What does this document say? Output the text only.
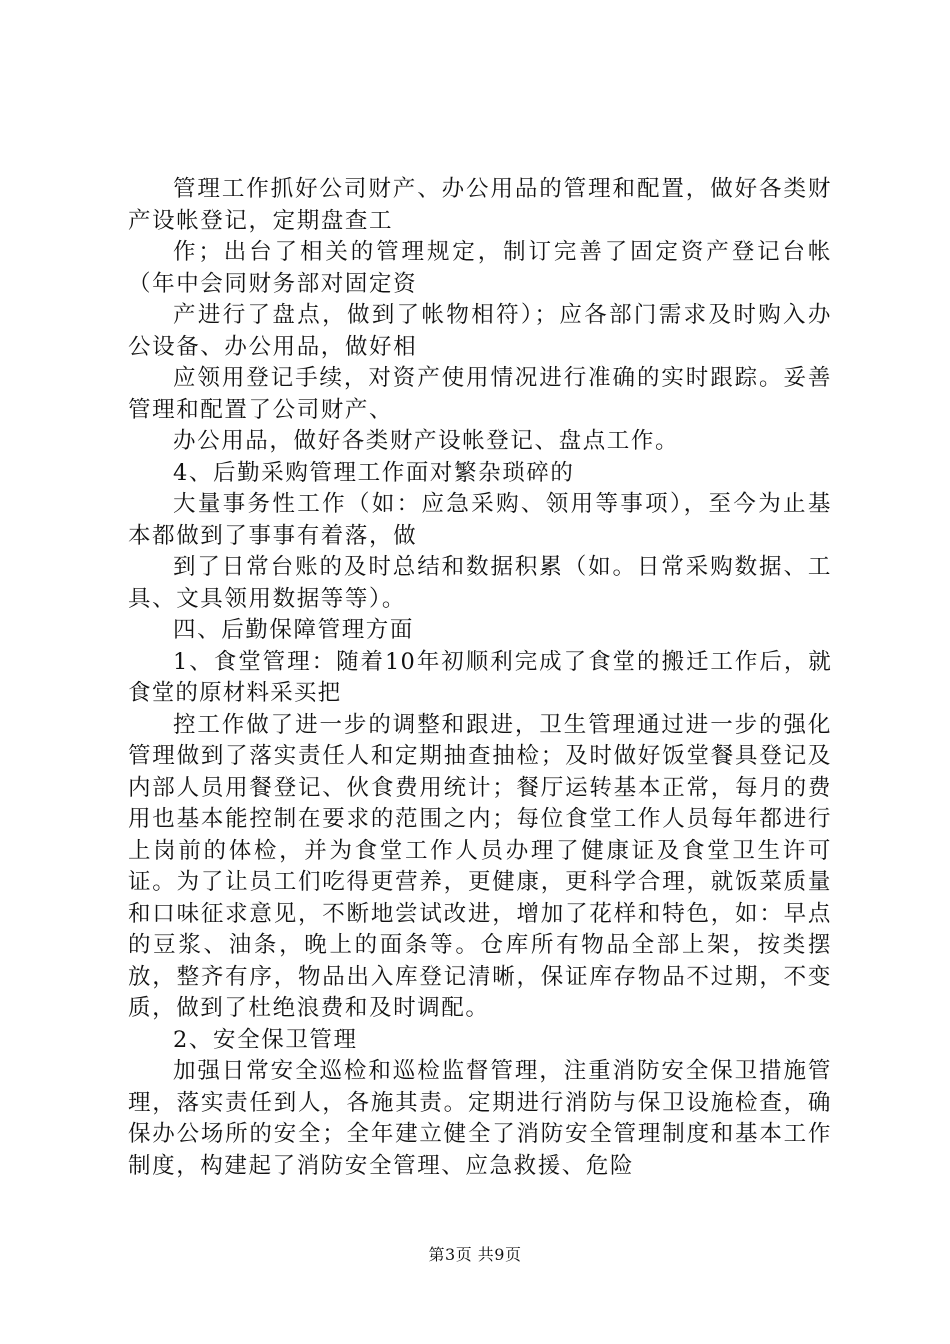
管理工作抓好公司财产、办公用品的管理和配置，做好各类财产设帐登记，定期盘查工

作；出台了相关的管理规定，制订完善了固定资产登记台帐（年中会同财务部对固定资

产进行了盘点，做到了帐物相符）；应各部门需求及时购入办公设备、办公用品，做好相

应领用登记手续，对资产使用情况进行准确的实时跟踪。妥善管理和配置了公司财产、

办公用品，做好各类财产设帐登记、盘点工作。

4、后勤采购管理工作面对繁杂琐碎的

大量事务性工作（如：应急采购、领用等事项），至今为止基本都做到了事事有着落，做

到了日常台账的及时总结和数据积累（如。日常采购数据、工具、文具领用数据等等）。

四、后勤保障管理方面

1、食堂管理：随着10年初顺利完成了食堂的搬迁工作后，就食堂的原材料采买把

控工作做了进一步的调整和跟进，卫生管理通过进一步的强化管理做到了落实责任人和定期抽查抽检；及时做好饭堂餐具登记及内部人员用餐登记、伙食费用统计；餐厅运转基本正常，每月的费用也基本能控制在要求的范围之内；每位食堂工作人员每年都进行上岗前的体检，并为食堂工作人员办理了健康证及食堂卫生许可证。为了让员工们吃得更营养，更健康，更科学合理，就饭菜质量和口味征求意见，不断地尝试改进，增加了花样和特色，如：早点的豆浆、油条，晚上的面条等。仓库所有物品全部上架，按类摆放，整齐有序，物品出入库登记清晰，保证库存物品不过期，不变质，做到了杜绝浪费和及时调配。

2、安全保卫管理

加强日常安全巡检和巡检监督管理，注重消防安全保卫措施管理，落实责任到人，各施其责。定期进行消防与保卫设施检查，确保办公场所的安全；全年建立健全了消防安全管理制度和基本工作制度，构建起了消防安全管理、应急救援、危险

第3页 共9页
